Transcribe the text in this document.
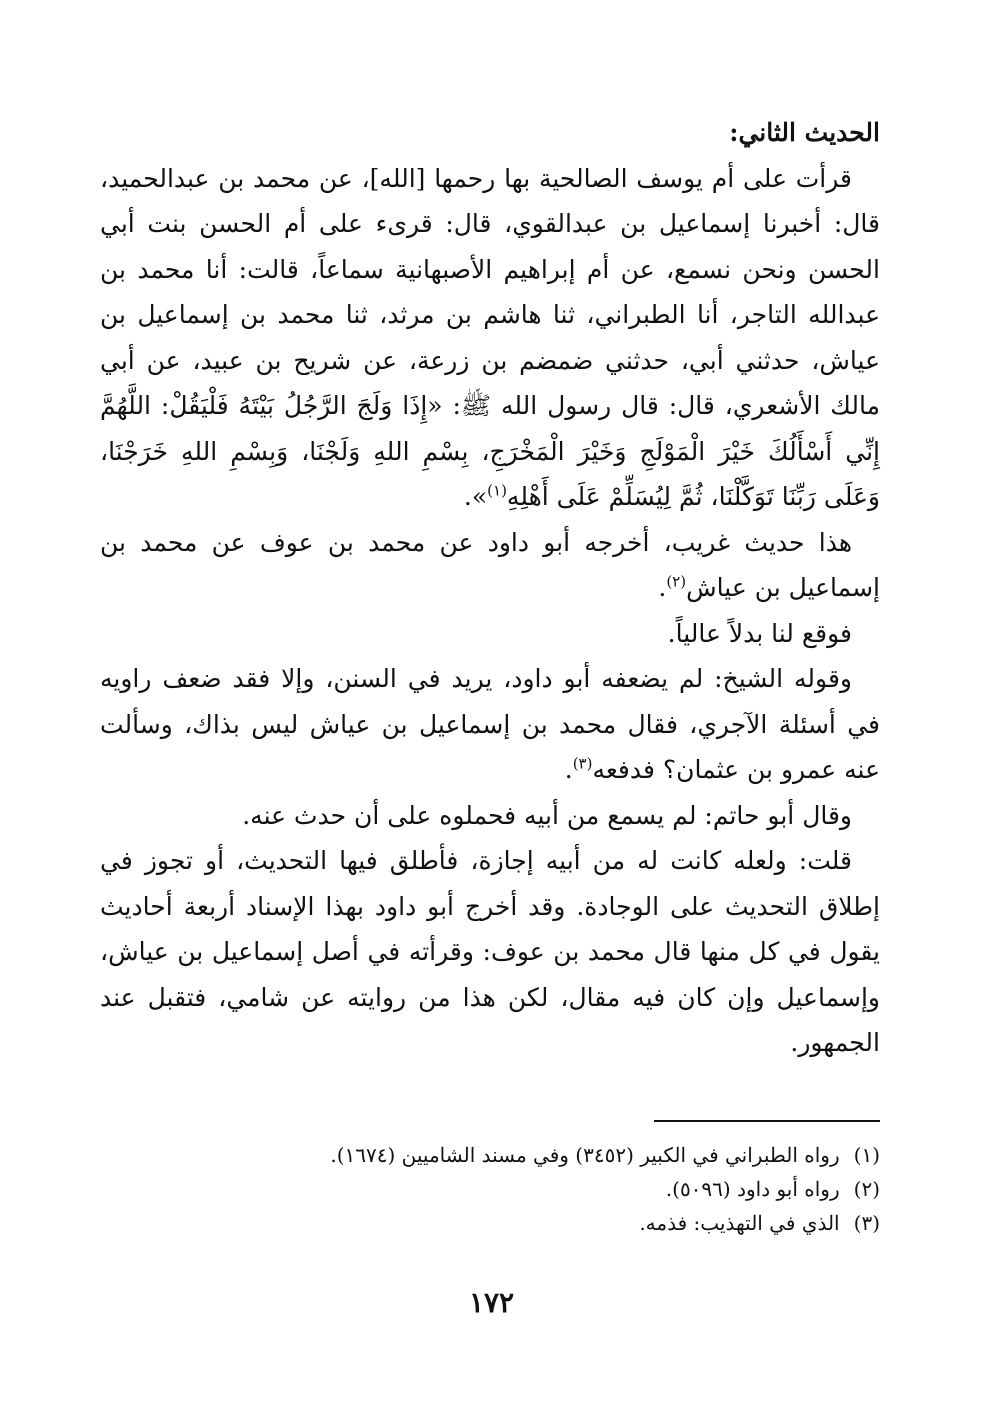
الحديث الثاني:

قرأت على أم يوسف الصالحية بها رحمها [الله]، عن محمد بن عبدالحميد، قال: أخبرنا إسماعيل بن عبدالقوي، قال: قرىء على أم الحسن بنت أبي الحسن ونحن نسمع، عن أم إبراهيم الأصبهانية سماعاً، قالت: أنا محمد بن عبدالله التاجر، أنا الطبراني، ثنا هاشم بن مرثد، ثنا محمد بن إسماعيل بن عياش، حدثني أبي، حدثني ضمضم بن زرعة، عن شريح بن عبيد، عن أبي مالك الأشعري، قال: قال رسول الله ﷺ: «إِذَا وَلَجَ الرَّجُلُ بَيْتَهُ فَلْيَقُلْ: اللَّهُمَّ إِنِّي أَسْأَلُكَ خَيْرَ الْمَوْلَجِ وَخَيْرَ الْمَخْرَجِ، بِسْمِ اللهِ وَلَجْنَا، وَبِسْمِ اللهِ خَرَجْنَا، وَعَلَى رَبِّنَا تَوَكَّلْنَا، ثُمَّ لِيُسَلِّمْ عَلَى أَهْلِهِ$^{(١)}$».

هذا حديث غريب، أخرجه أبو داود عن محمد بن عوف عن محمد بن إسماعيل بن عياش$^{(٢)}$.

فوقع لنا بدلاً عالياً.

وقوله الشيخ: لم يضعفه أبو داود، يريد في السنن، وإلا فقد ضعف راويه في أسئلة الآجري، فقال محمد بن إسماعيل بن عياش ليس بذاك، وسألت عنه عمرو بن عثمان؟ فدفعه$^{(٣)}$.

وقال أبو حاتم: لم يسمع من أبيه فحملوه على أن حدث عنه.

قلت: ولعله كانت له من أبيه إجازة، فأطلق فيها التحديث، أو تجوز في إطلاق التحديث على الوجادة. وقد أخرج أبو داود بهذا الإسناد أربعة أحاديث يقول في كل منها قال محمد بن عوف: وقرأته في أصل إسماعيل بن عياش، وإسماعيل وإن كان فيه مقال، لكن هذا من روايته عن شامي، فتقبل عند الجمهور.

(١)رواه الطبراني في الكبير (٣٤٥٢) وفي مسند الشاميين (١٦٧٤).

(٢)رواه أبو داود (٥٠٩٦).

(٣)الذي في التهذيب: فذمه.

١٧٢
